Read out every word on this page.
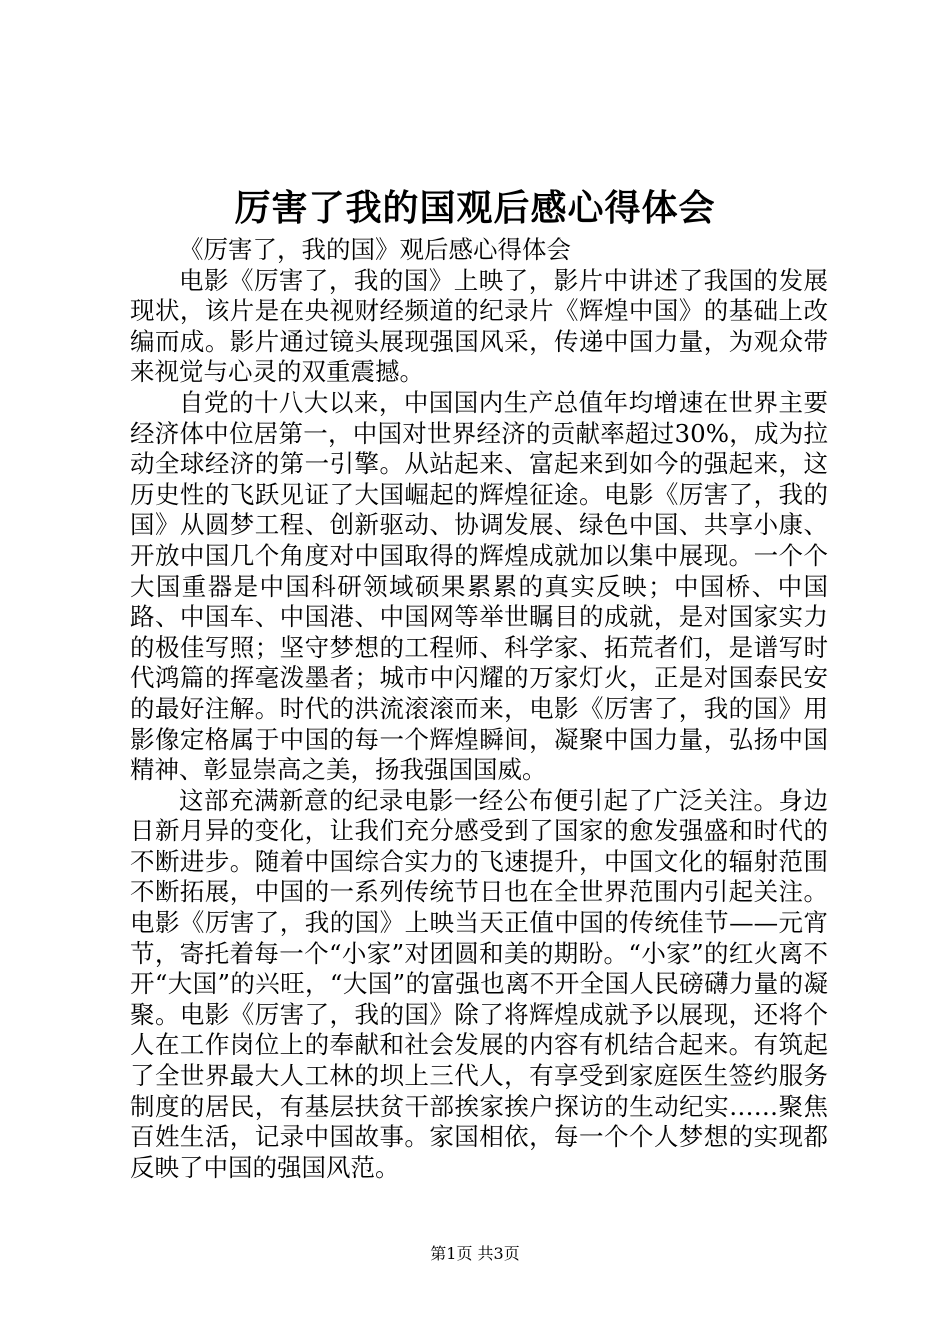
厉害了我的国观后感心得体会

《厉害了，我的国》观后感心得体会

电影《厉害了，我的国》上映了，影片中讲述了我国的发展现状，该片是在央视财经频道的纪录片《辉煌中国》的基础上改编而成。影片通过镜头展现强国风采，传递中国力量，为观众带来视觉与心灵的双重震撼。

自党的十八大以来，中国国内生产总值年均增速在世界主要经济体中位居第一，中国对世界经济的贡献率超过30%，成为拉动全球经济的第一引擎。从站起来、富起来到如今的强起来，这历史性的飞跃见证了大国崛起的辉煌征途。电影《厉害了，我的国》从圆梦工程、创新驱动、协调发展、绿色中国、共享小康、开放中国几个角度对中国取得的辉煌成就加以集中展现。一个个大国重器是中国科研领域硕果累累的真实反映；中国桥、中国路、中国车、中国港、中国网等举世瞩目的成就，是对国家实力的极佳写照；坚守梦想的工程师、科学家、拓荒者们，是谱写时代鸿篇的挥毫泼墨者；城市中闪耀的万家灯火，正是对国泰民安的最好注解。时代的洪流滚滚而来，电影《厉害了，我的国》用影像定格属于中国的每一个辉煌瞬间，凝聚中国力量，弘扬中国精神、彰显崇高之美，扬我强国国威。

这部充满新意的纪录电影一经公布便引起了广泛关注。身边日新月异的变化，让我们充分感受到了国家的愈发强盛和时代的不断进步。随着中国综合实力的飞速提升，中国文化的辐射范围不断拓展，中国的一系列传统节日也在全世界范围内引起关注。电影《厉害了，我的国》上映当天正值中国的传统佳节——元宵节，寄托着每一个“小家”对团圆和美的期盼。“小家”的红火离不开“大国”的兴旺，“大国”的富强也离不开全国人民磅礴力量的凝聚。电影《厉害了，我的国》除了将辉煌成就予以展现，还将个人在工作岗位上的奉献和社会发展的内容有机结合起来。有筑起了全世界最大人工林的坝上三代人，有享受到家庭医生签约服务制度的居民，有基层扶贫干部挨家挨户探访的生动纪实……聚焦百姓生活，记录中国故事。家国相依，每一个个人梦想的实现都反映了中国的强国风范。

第1页 共3页
